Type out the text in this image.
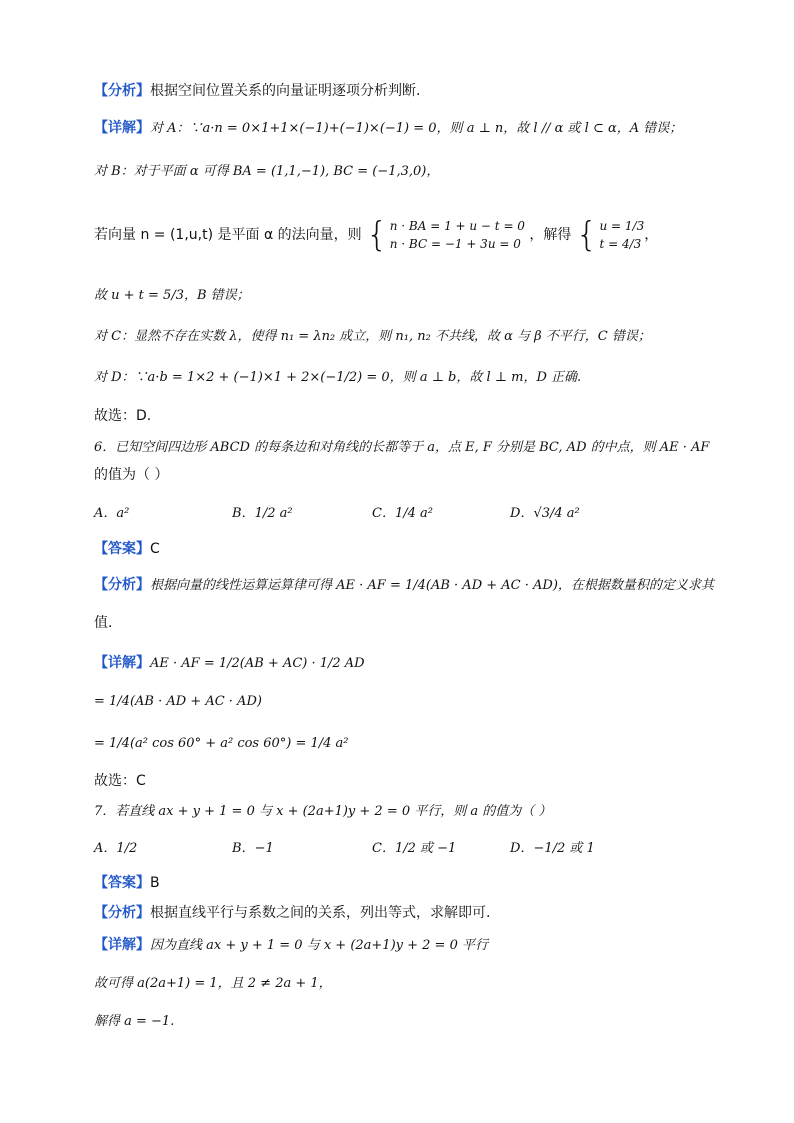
【分析】根据空间位置关系的向量证明逐项分析判断.
【详解】对 A：∵a·n = 0×1+1×(−1)+(−1)×(−1) = 0，则 a ⊥ n，故 l // α 或 l ⊂ α，A 错误；
对 B：对于平面 α 可得 BA = (1,1,−1), BC = (−1,3,0)，
若向量 n = (1,u,t) 是平面 α 的法向量，则 { n · BA = 1 + u − t = 0
n · BC = −1 + 3u = 0
，解得 { u = 1/3
t = 4/3
，
故 u + t = 5/3，B 错误；
对 C：显然不存在实数 λ，使得 n₁ = λn₂ 成立，则 n₁, n₂ 不共线，故 α 与 β 不平行，C 错误；
对 D：∵a·b = 1×2 + (−1)×1 + 2×(−1/2) = 0，则 a ⊥ b，故 l ⊥ m，D 正确.
故选：D.
6．已知空间四边形 ABCD 的每条边和对角线的长都等于 a，点 E, F 分别是 BC, AD 的中点，则 AE · AF
的值为（ ）
A．a²	B．1/2 a²	C．1/4 a²	D．√3/4 a²
【答案】C
【分析】根据向量的线性运算运算律可得 AE · AF = 1/4(AB · AD + AC · AD)，在根据数量积的定义求其
值.
【详解】AE · AF = 1/2(AB + AC) · 1/2 AD
= 1/4(AB · AD + AC · AD)
= 1/4(a² cos 60° + a² cos 60°) = 1/4 a²
故选：C
7．若直线 ax + y + 1 = 0 与 x + (2a+1)y + 2 = 0 平行，则 a 的值为（ ）
A．1/2	B．−1	C．1/2 或 −1	D．−1/2 或 1
【答案】B
【分析】根据直线平行与系数之间的关系，列出等式，求解即可.
【详解】因为直线 ax + y + 1 = 0 与 x + (2a+1)y + 2 = 0 平行
故可得 a(2a+1) = 1，且 2 ≠ 2a + 1，
解得 a = −1.
